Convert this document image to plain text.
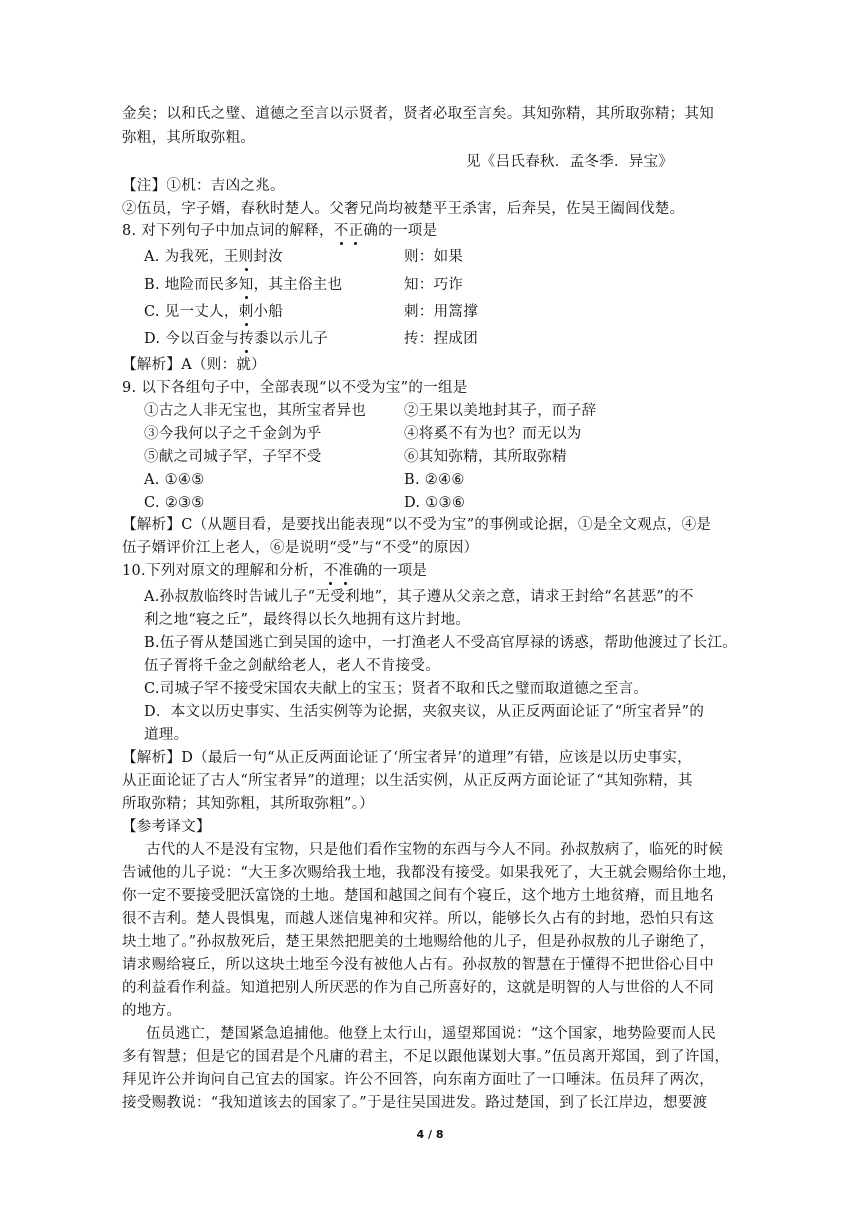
金矣；以和氏之璧、道德之至言以示贤者，贤者必取至言矣。其知弥精，其所取弥精；其知
弥粗，其所取弥粗。
见《吕氏春秋．孟冬季．异宝》
【注】①机：吉凶之兆。
②伍员，字子婿，春秋时楚人。父奢兄尚均被楚平王杀害，后奔吴，佐吴王阖闾伐楚。
8. 对下列句子中加点词的解释，不正确的一项是
A. 为我死，王则封汝	则：如果
B. 地险而民多知，其主俗主也	知：巧诈
C. 见一丈人，刺小船	刺：用篙撑
D. 今以百金与抟黍以示儿子	抟：捏成团
【解析】A（则：就）
9. 以下各组句子中，全部表现“以不受为宝”的一组是
①古之人非无宝也，其所宝者异也	②王果以美地封其子，而子辞
③今我何以子之千金剑为乎	④将奚不有为也？而无以为
⑤献之司城子罕，子罕不受	⑥其知弥精，其所取弥精
A. ①④⑤	B. ②④⑥
C. ②③⑤	D. ①③⑥
【解析】C（从题目看，是要找出能表现“以不受为宝”的事例或论据，①是全文观点，④是
伍子婿评价江上老人，⑥是说明“受”与“不受”的原因）
10.下列对原文的理解和分析，不准确的一项是
A.孙叔敖临终时告诫儿子“无受利地”，其子遵从父亲之意，请求王封给“名甚恶”的不
利之地“寝之丘”，最终得以长久地拥有这片封地。
B.伍子胥从楚国逃亡到吴国的途中，一打渔老人不受高官厚禄的诱惑，帮助他渡过了长江。
伍子胥将千金之剑献给老人，老人不肯接受。
C.司城子罕不接受宋国农夫献上的宝玉；贤者不取和氏之璧而取道德之至言。
D．本文以历史事实、生活实例等为论据，夹叙夹议，从正反两面论证了“所宝者异”的
道理。
【解析】D（最后一句“从正反两面论证了‘所宝者异’的道理”有错，应该是以历史事实，
从正面论证了古人“所宝者异”的道理；以生活实例，从正反两方面论证了“其知弥精，其
所取弥精；其知弥粗，其所取弥粗”。）
【参考译文】
古代的人不是没有宝物，只是他们看作宝物的东西与今人不同。孙叔敖病了，临死的时候
告诫他的儿子说：“大王多次赐给我土地，我都没有接受。如果我死了，大王就会赐给你土地，
你一定不要接受肥沃富饶的土地。楚国和越国之间有个寝丘，这个地方土地贫瘠，而且地名
很不吉利。楚人畏惧鬼，而越人迷信鬼神和灾祥。所以，能够长久占有的封地，恐怕只有这
块土地了。”孙叔敖死后，楚王果然把肥美的土地赐给他的儿子，但是孙叔敖的儿子谢绝了，
请求赐给寝丘，所以这块土地至今没有被他人占有。孙叔敖的智慧在于懂得不把世俗心目中
的利益看作利益。知道把别人所厌恶的作为自己所喜好的，这就是明智的人与世俗的人不同
的地方。
伍员逃亡，楚国紧急追捕他。他登上太行山，遥望郑国说：“这个国家，地势险要而人民
多有智慧；但是它的国君是个凡庸的君主，不足以跟他谋划大事。”伍员离开郑国，到了许国，
拜见许公并询问自己宜去的国家。许公不回答，向东南方面吐了一口唾沫。伍员拜了两次，
接受赐教说：“我知道该去的国家了。”于是往吴国进发。路过楚国，到了长江岸边，想要渡
4 / 8
